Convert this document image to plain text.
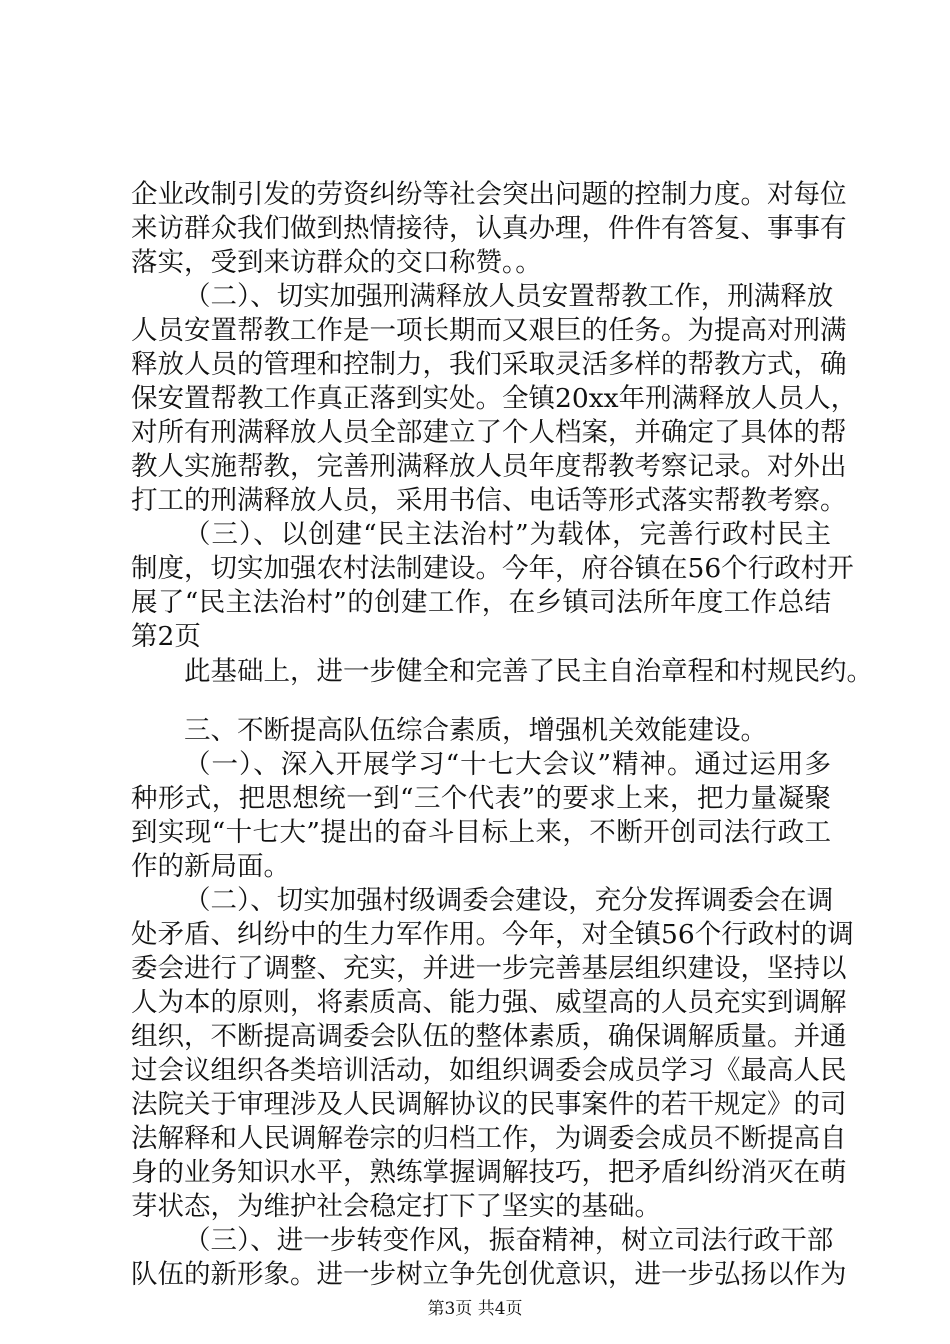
企业改制引发的劳资纠纷等社会突出问题的控制力度。对每位
来访群众我们做到热情接待，认真办理，件件有答复、事事有
落实，受到来访群众的交口称赞。。
（二）、切实加强刑满释放人员安置帮教工作，刑满释放
人员安置帮教工作是一项长期而又艰巨的任务。为提高对刑满
释放人员的管理和控制力，我们采取灵活多样的帮教方式，确
保安置帮教工作真正落到实处。全镇20xx年刑满释放人员人，
对所有刑满释放人员全部建立了个人档案，并确定了具体的帮
教人实施帮教，完善刑满释放人员年度帮教考察记录。对外出
打工的刑满释放人员，采用书信、电话等形式落实帮教考察。
（三）、以创建“民主法治村”为载体，完善行政村民主
制度，切实加强农村法制建设。今年，府谷镇在56个行政村开
展了“民主法治村”的创建工作，在乡镇司法所年度工作总结
第2页
此基础上，进一步健全和完善了民主自治章程和村规民约。
三、不断提高队伍综合素质，增强机关效能建设。
（一）、深入开展学习“十七大会议”精神。通过运用多
种形式，把思想统一到“三个代表”的要求上来，把力量凝聚
到实现“十七大”提出的奋斗目标上来，不断开创司法行政工
作的新局面。
（二）、切实加强村级调委会建设，充分发挥调委会在调
处矛盾、纠纷中的生力军作用。今年，对全镇56个行政村的调
委会进行了调整、充实，并进一步完善基层组织建设，坚持以
人为本的原则，将素质高、能力强、威望高的人员充实到调解
组织，不断提高调委会队伍的整体素质，确保调解质量。并通
过会议组织各类培训活动，如组织调委会成员学习《最高人民
法院关于审理涉及人民调解协议的民事案件的若干规定》的司
法解释和人民调解卷宗的归档工作，为调委会成员不断提高自
身的业务知识水平，熟练掌握调解技巧，把矛盾纠纷消灭在萌
芽状态，为维护社会稳定打下了坚实的基础。
（三）、进一步转变作风，振奋精神，树立司法行政干部
队伍的新形象。进一步树立争先创优意识，进一步弘扬以作为
第3页 共4页
